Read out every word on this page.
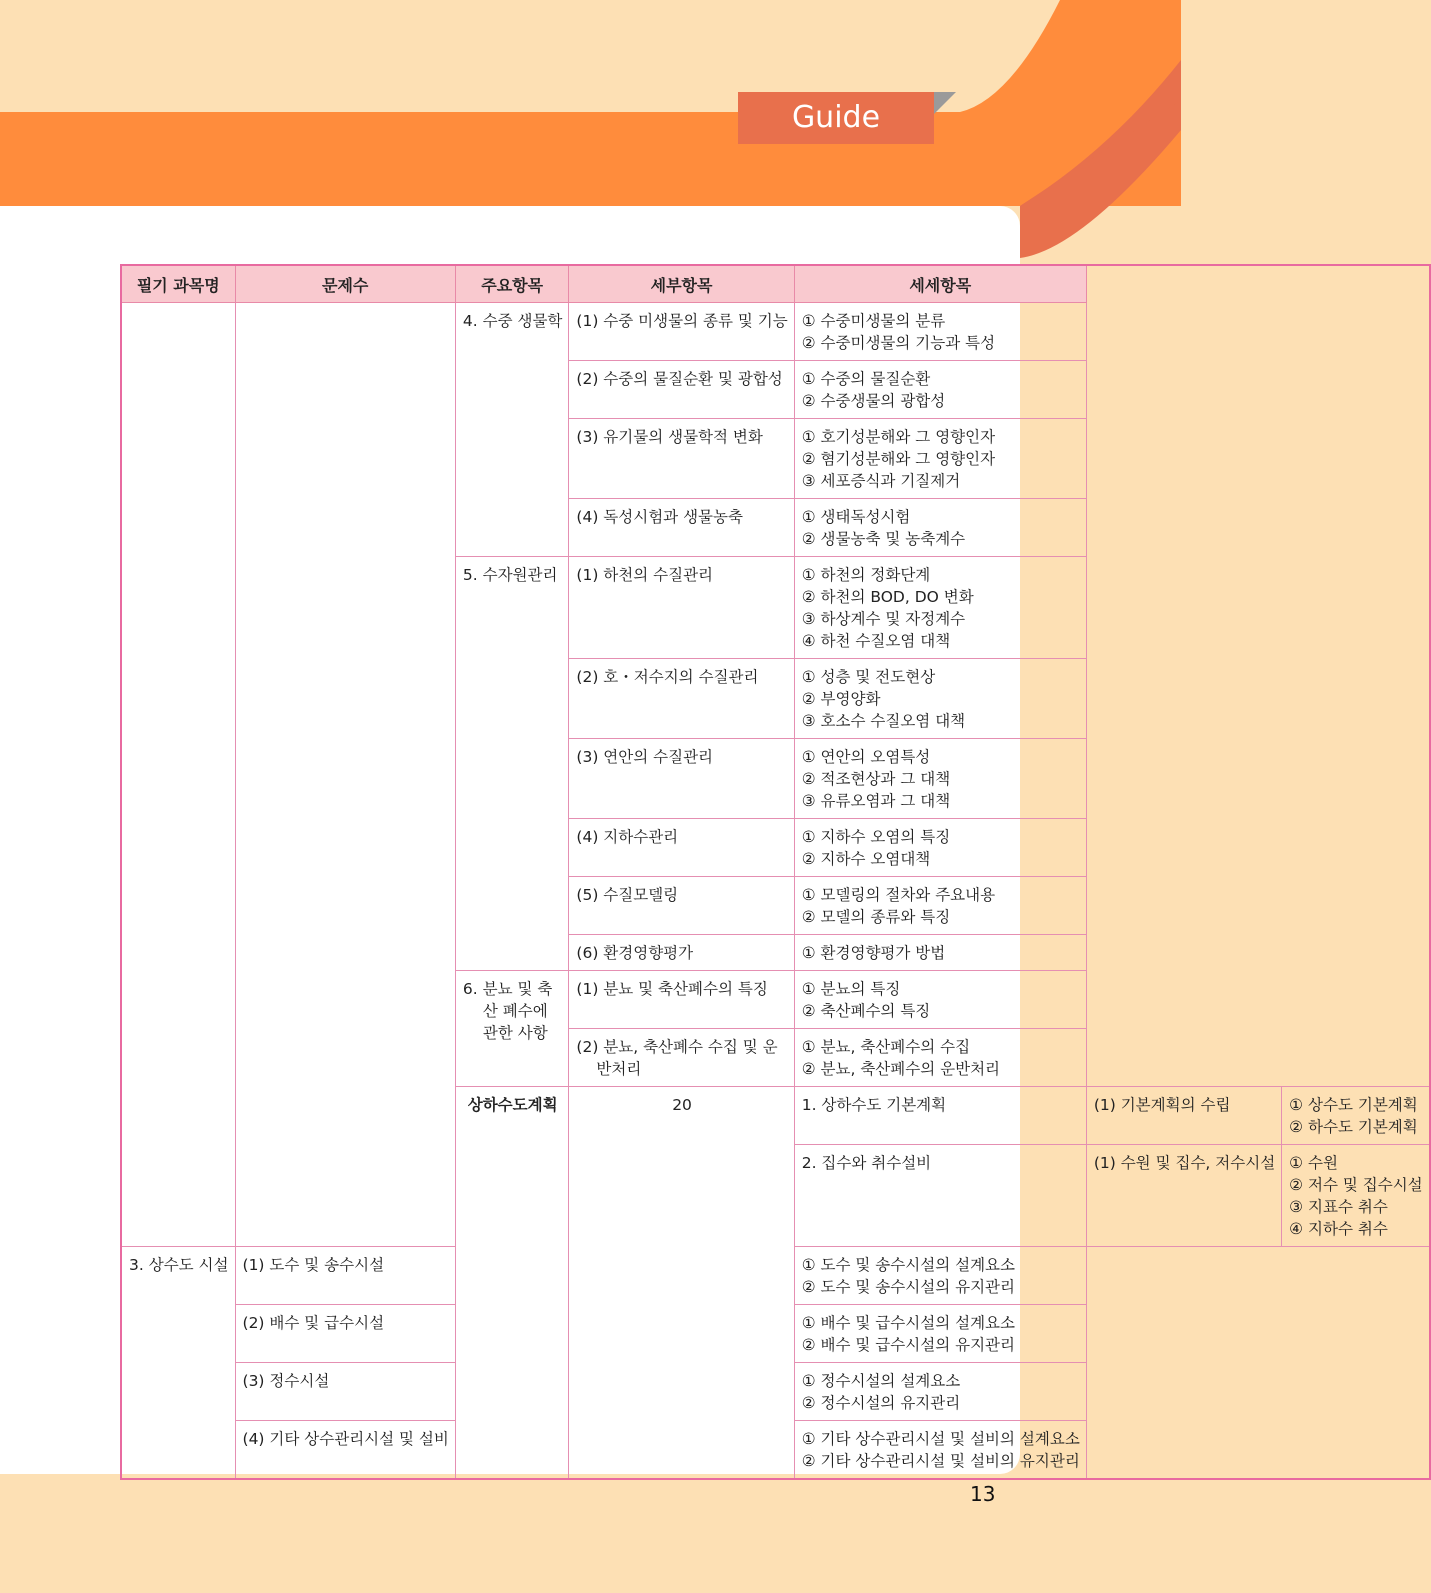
Guide
필기 과목명	문제수	주요항목	세부항목	세세항목		

		4. 수중 생물학	(1) 수중 미생물의 종류 및 기능	① 수중미생물의 분류
② 수중미생물의 기능과 특성		

			(2) 수중의 물질순환 및 광합성	① 수중의 물질순환
② 수중생물의 광합성		

			(3) 유기물의 생물학적 변화	① 호기성분해와 그 영향인자
② 혐기성분해와 그 영향인자
③ 세포증식과 기질제거		

			(4) 독성시험과 생물농축	① 생태독성시험
② 생물농축 및 농축계수		

		5. 수자원관리	(1) 하천의 수질관리	① 하천의 정화단계
② 하천의 BOD, DO 변화
③ 하상계수 및 자정계수
④ 하천 수질오염 대책		

			(2) 호・저수지의 수질관리	① 성층 및 전도현상
② 부영양화
③ 호소수 수질오염 대책		

			(3) 연안의 수질관리	① 연안의 오염특성
② 적조현상과 그 대책
③ 유류오염과 그 대책		

			(4) 지하수관리	① 지하수 오염의 특징
② 지하수 오염대책		

			(5) 수질모델링	① 모델링의 절차와 주요내용
② 모델의 종류와 특징		

			(6) 환경영향평가	① 환경영향평가 방법		

		6. 분뇨 및 축산 폐수에 관한 사항	(1) 분뇨 및 축산폐수의 특징	① 분뇨의 특징
② 축산폐수의 특징		

			(2) 분뇨, 축산폐수 수집 및 운반처리	① 분뇨, 축산폐수의 수집
② 분뇨, 축산폐수의 운반처리		

		상하수도계획	20	1. 상하수도 기본계획	(1) 기본계획의 수립	① 상수도 기본계획
② 하수도 기본계획

				2. 집수와 취수설비	(1) 수원 및 집수, 저수시설	① 수원
② 저수 및 집수시설
③ 지표수 취수
④ 지하수 취수

3. 상수도 시설	(1) 도수 및 송수시설			① 도수 및 송수시설의 설계요소
② 도수 및 송수시설의 유지관리		

	(2) 배수 및 급수시설			① 배수 및 급수시설의 설계요소
② 배수 및 급수시설의 유지관리		

	(3) 정수시설			① 정수시설의 설계요소
② 정수시설의 유지관리		

	(4) 기타 상수관리시설 및 설비			① 기타 상수관리시설 및 설비의 설계요소
② 기타 상수관리시설 및 설비의 유지관리		
13
